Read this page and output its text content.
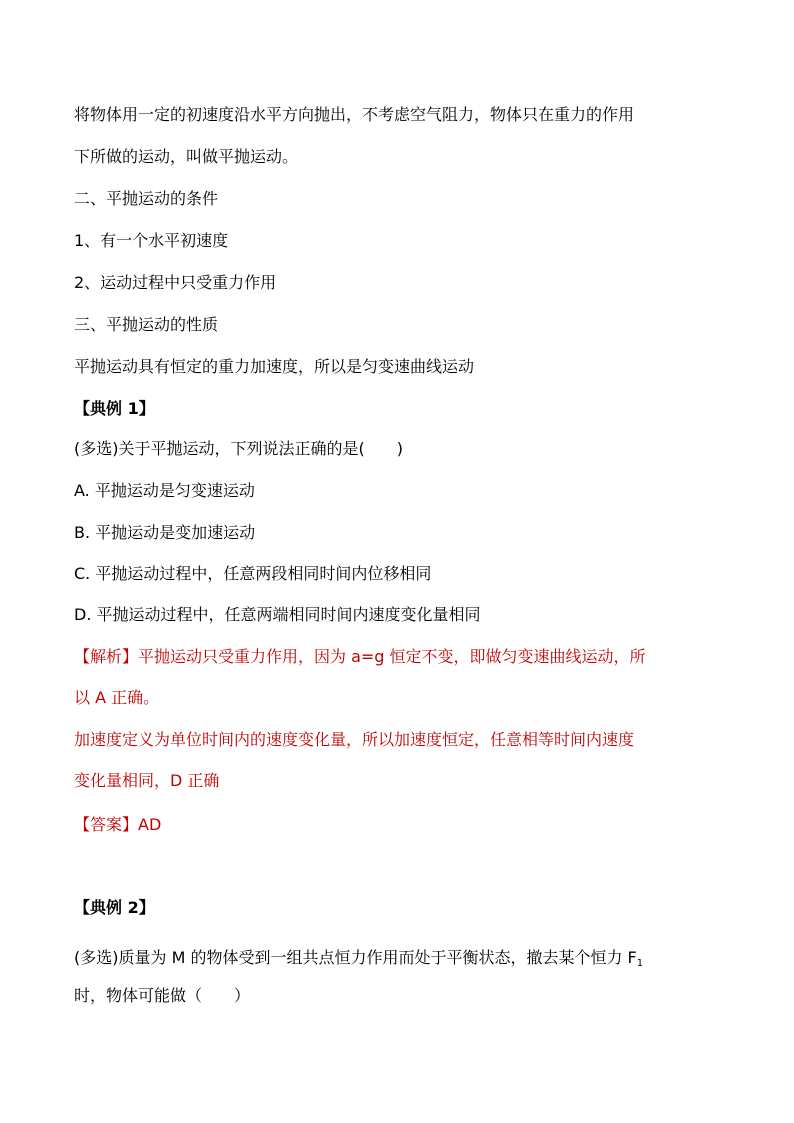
将物体用一定的初速度沿水平方向抛出，不考虑空气阻力，物体只在重力的作用
下所做的运动，叫做平抛运动。
二、平抛运动的条件
1、有一个水平初速度
2、运动过程中只受重力作用
三、平抛运动的性质
平抛运动具有恒定的重力加速度，所以是匀变速曲线运动
【典例 1】
(多选)关于平抛运动，下列说法正确的是(　　)
A. 平抛运动是匀变速运动
B. 平抛运动是变加速运动
C. 平抛运动过程中，任意两段相同时间内位移相同
D. 平抛运动过程中，任意两端相同时间内速度变化量相同
【解析】平抛运动只受重力作用，因为 a=g 恒定不变，即做匀变速曲线运动，所
以 A 正确。
加速度定义为单位时间内的速度变化量，所以加速度恒定，任意相等时间内速度
变化量相同，D 正确
【答案】AD
【典例 2】
(多选)质量为 M 的物体受到一组共点恒力作用而处于平衡状态，撤去某个恒力 $F_1$
时，物体可能做（　　）
